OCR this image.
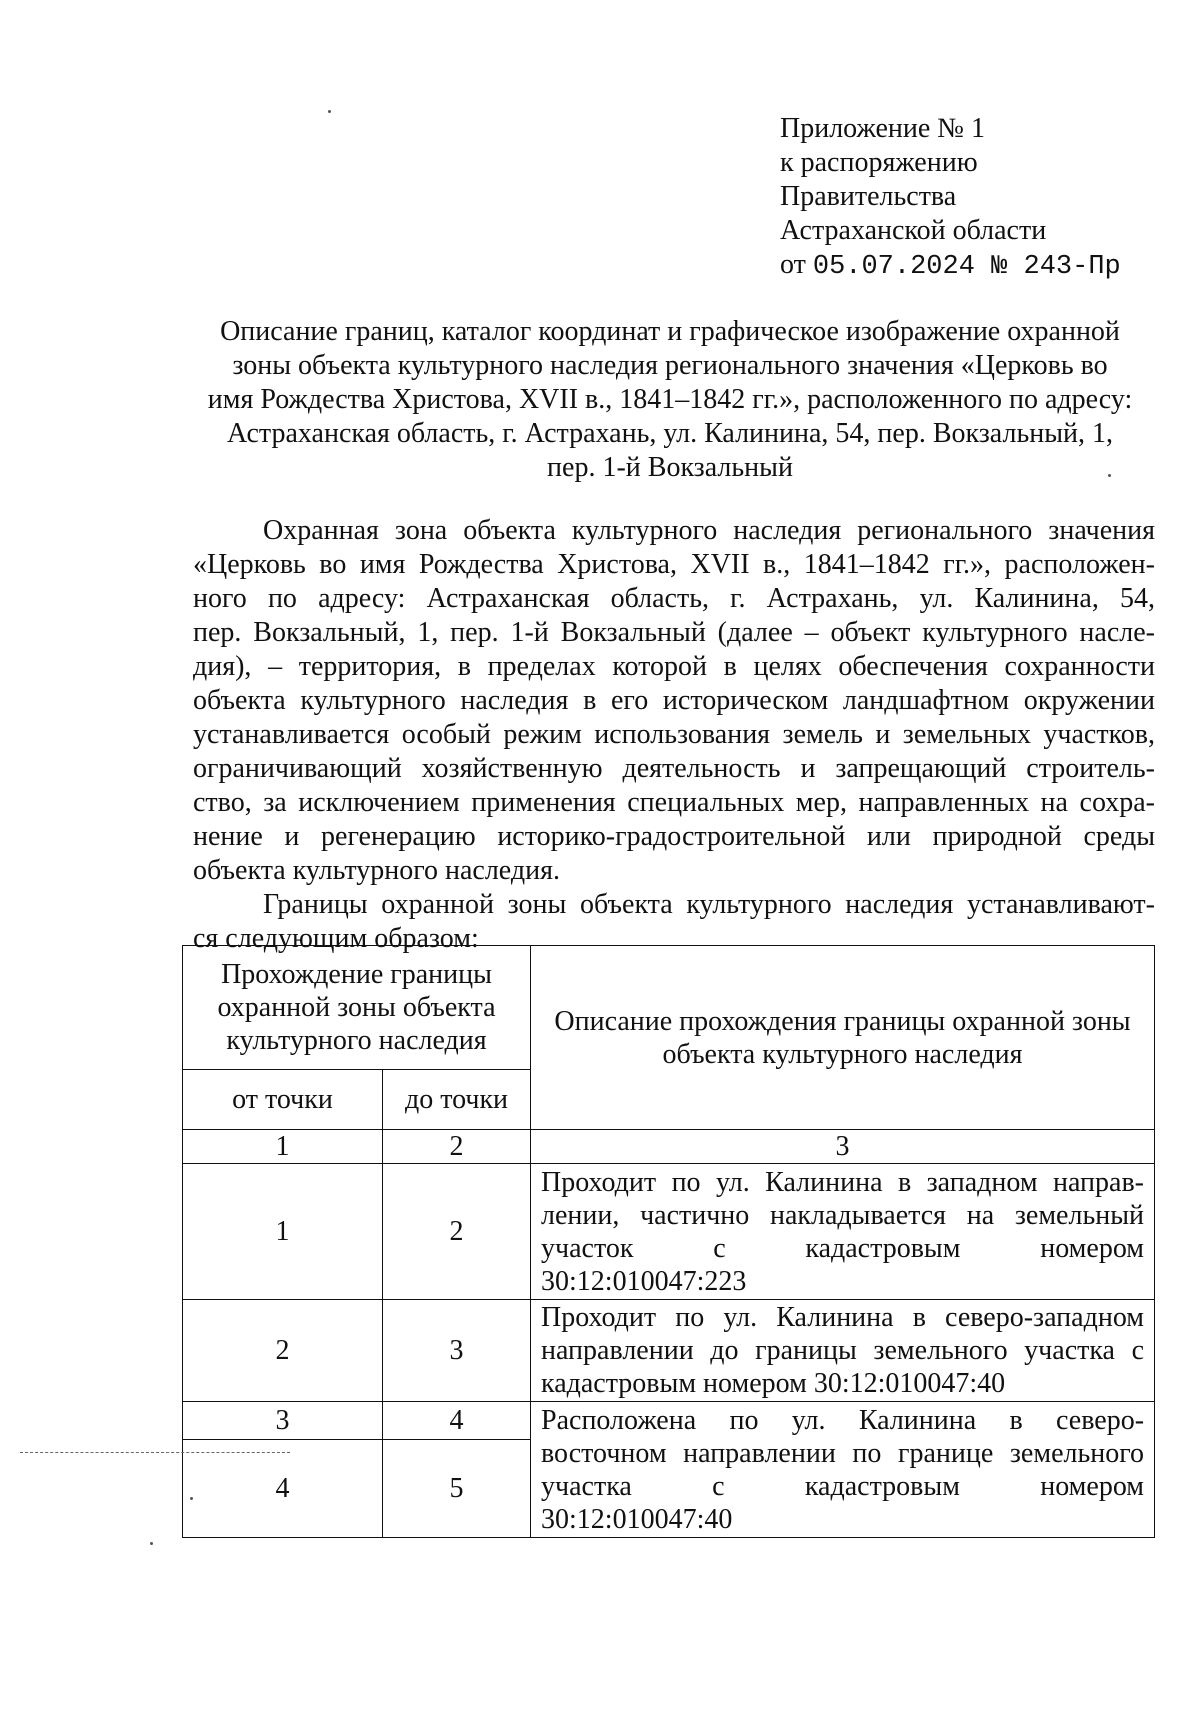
Приложение № 1
к распоряжению
Правительства
Астраханской области
от 05.07.2024 № 243-Пр
Описание границ, каталог координат и графическое изображение охранной
зоны объекта культурного наследия регионального значения «Церковь во
имя Рождества Христова, XVII в., 1841–1842 гг.», расположенного по адресу:
Астраханская область, г. Астрахань, ул. Калинина, 54, пер. Вокзальный, 1,
пер. 1-й Вокзальный
Охранная зона объекта культурного наследия регионального значения
«Церковь во имя Рождества Христова, XVII в., 1841–1842 гг.», расположен-
ного по адресу: Астраханская область, г. Астрахань, ул. Калинина, 54,
пер. Вокзальный, 1, пер. 1-й Вокзальный (далее – объект культурного насле-
дия), – территория, в пределах которой в целях обеспечения сохранности
объекта культурного наследия в его историческом ландшафтном окружении
устанавливается особый режим использования земель и земельных участков,
ограничивающий хозяйственную деятельность и запрещающий строитель-
ство, за исключением применения специальных мер, направленных на сохра-
нение и регенерацию историко-градостроительной или природной среды
объекта культурного наследия.
Границы охранной зоны объекта культурного наследия устанавливают-
ся следующим образом:
Прохождение границы охранной зоны объекта культурного наследия		Описание прохождения границы охранной зоны объекта культурного наследия
от точки	до точки	
1	2	3
1	2	Проходит по ул. Калинина в западном направ-
лении, частично накладывается на земельный
участок с кадастровым номером
30:12:010047:223

2	3	Проходит по ул. Калинина в северо-западном
направлении до границы земельного участка с
кадастровым номером 30:12:010047:40

3	4	Расположена по ул. Калинина в северо-
восточном направлении по границе земельного
участка с кадастровым номером
30:12:010047:40

4	5	
